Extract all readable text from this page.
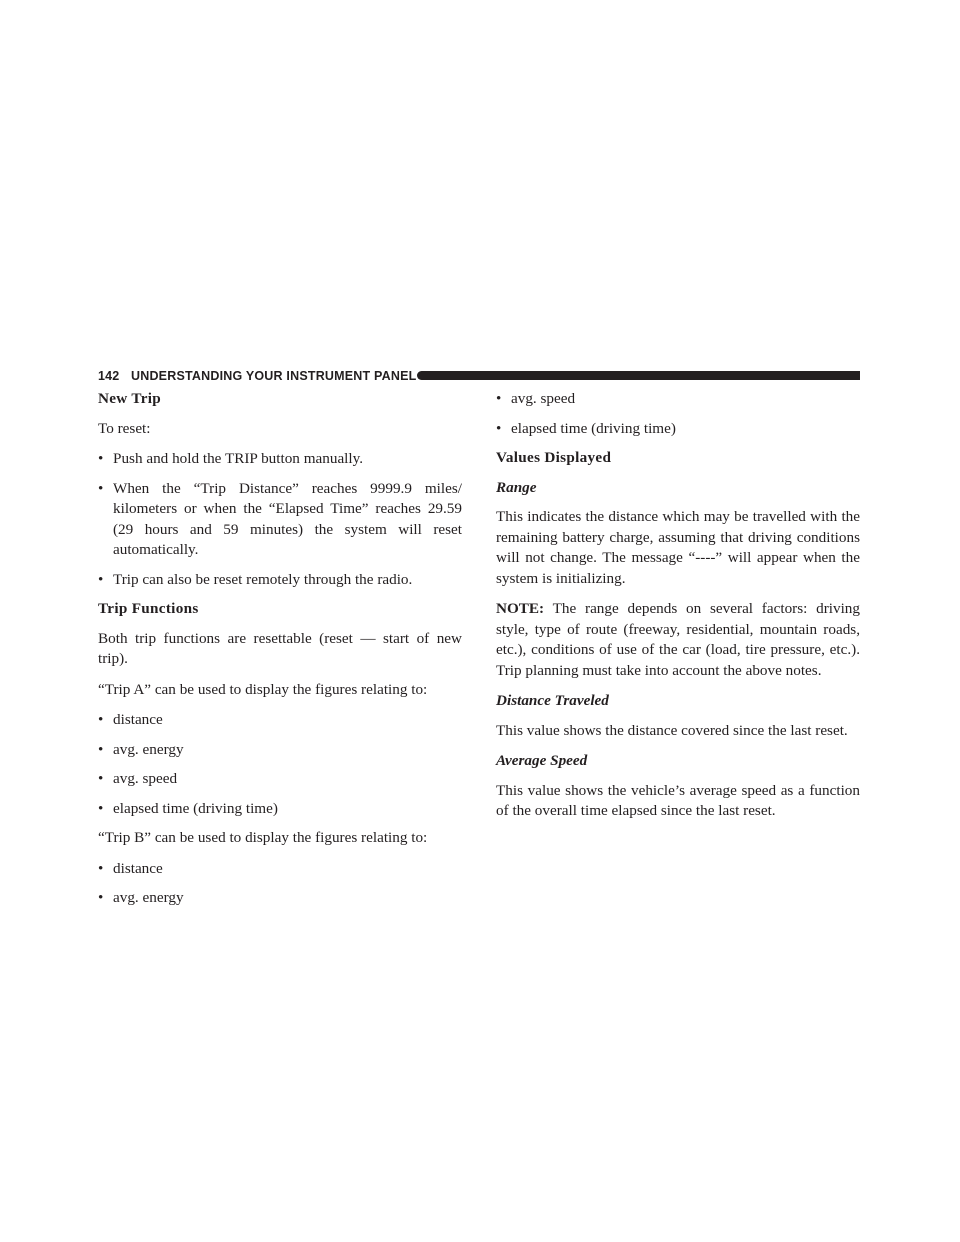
142 UNDERSTANDING YOUR INSTRUMENT PANEL
New Trip
To reset:
• Push and hold the TRIP button manually.
• When the “Trip Distance” reaches 9999.9 miles/ kilometers or when the “Elapsed Time” reaches 29.59 (29 hours and 59 minutes) the system will reset automatically.
• Trip can also be reset remotely through the radio.
Trip Functions
Both trip functions are resettable (reset — start of new trip).
“Trip A” can be used to display the figures relating to:
• distance
• avg. energy
• avg. speed
• elapsed time (driving time)
“Trip B” can be used to display the figures relating to:
• distance
• avg. energy
• avg. speed
• elapsed time (driving time)
Values Displayed
Range
This indicates the distance which may be travelled with the remaining battery charge, assuming that driving conditions will not change. The message “----” will appear when the system is initializing.
NOTE: The range depends on several factors: driving style, type of route (freeway, residential, mountain roads, etc.), conditions of use of the car (load, tire pressure, etc.). Trip planning must take into account the above notes.
Distance Traveled
This value shows the distance covered since the last reset.
Average Speed
This value shows the vehicle’s average speed as a function of the overall time elapsed since the last reset.
